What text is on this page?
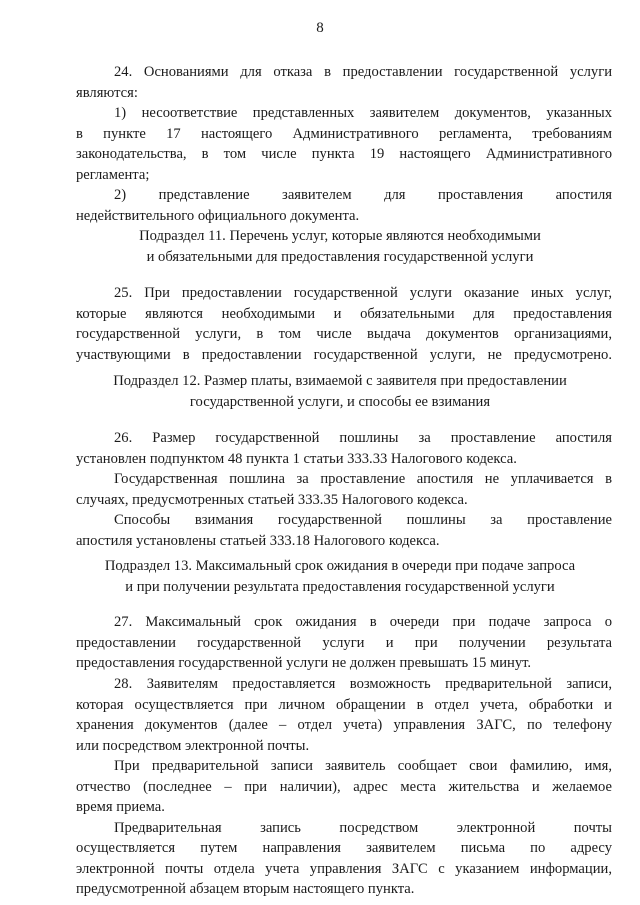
8

24. Основаниями для отказа в предоставлении государственной услуги

являются:

1) несоответствие представленных заявителем документов, указанных

в пункте 17 настоящего Административного регламента, требованиям

законодательства, в том числе пункта 19 настоящего Административного

регламента;

2) представление заявителем для проставления апостиля

недействительного официального документа.

Подраздел 11. Перечень услуг, которые являются необходимыми
и обязательными для предоставления государственной услуги

25. При предоставлении государственной услуги оказание иных услуг,

которые являются необходимыми и обязательными для предоставления

государственной услуги, в том числе выдача документов организациями,

участвующими в предоставлении государственной услуги, не предусмотрено.

Подраздел 12. Размер платы, взимаемой с заявителя при предоставлении
государственной услуги, и способы ее взимания

26. Размер государственной пошлины за проставление апостиля

установлен подпунктом 48 пункта 1 статьи 333.33 Налогового кодекса.

Государственная пошлина за проставление апостиля не уплачивается в

случаях, предусмотренных статьей 333.35 Налогового кодекса.

Способы взимания государственной пошлины за проставление

апостиля установлены статьей 333.18 Налогового кодекса.

Подраздел 13. Максимальный срок ожидания в очереди при подаче запроса
и при получении результата предоставления государственной услуги

27. Максимальный срок ожидания в очереди при подаче запроса о

предоставлении государственной услуги и при получении результата

предоставления государственной услуги не должен превышать 15 минут.

28. Заявителям предоставляется возможность предварительной записи,

которая осуществляется при личном обращении в отдел учета, обработки и

хранения документов (далее – отдел учета) управления ЗАГС, по телефону

или посредством электронной почты.

При предварительной записи заявитель сообщает свои фамилию, имя,

отчество (последнее – при наличии), адрес места жительства и желаемое

время приема.

Предварительная запись посредством электронной почты

осуществляется путем направления заявителем письма по адресу

электронной почты отдела учета управления ЗАГС с указанием информации,

предусмотренной абзацем вторым настоящего пункта.
